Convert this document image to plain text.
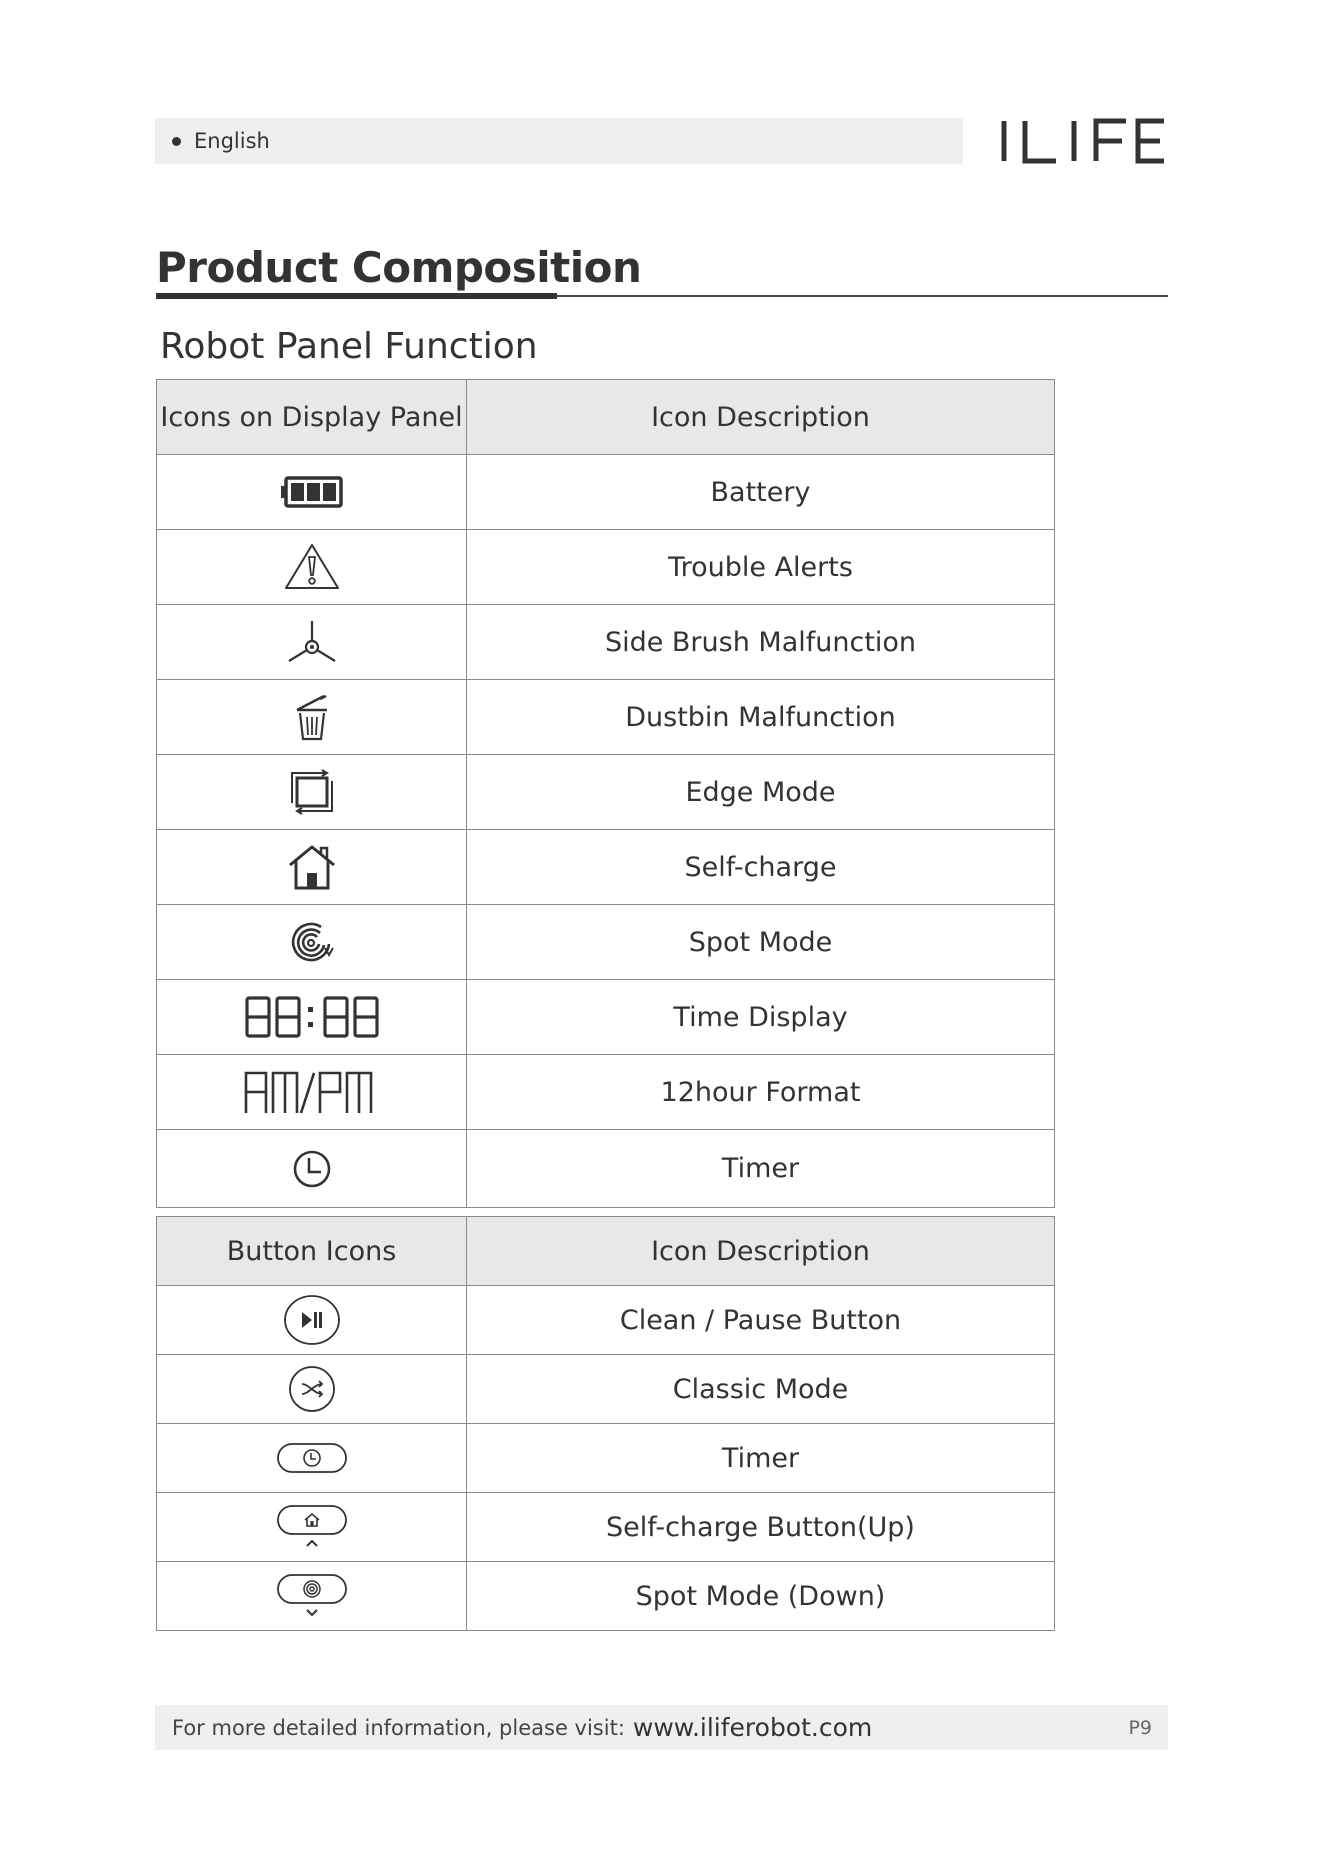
English
Product Composition
Robot Panel Function
Icons on Display Panel	Icon Description
	Battery
	Trouble Alerts
	Side Brush Malfunction
	Dustbin Malfunction
	Edge Mode
	Self-charge
	Spot Mode
	Time Display
	12hour Format
	Timer
Button Icons	Icon Description
	Clean / Pause Button
	Classic Mode
	Timer
	Self-charge Button(Up)
	Spot Mode (Down)
For more detailed information, please visit: www.iliferobot.com	P9
